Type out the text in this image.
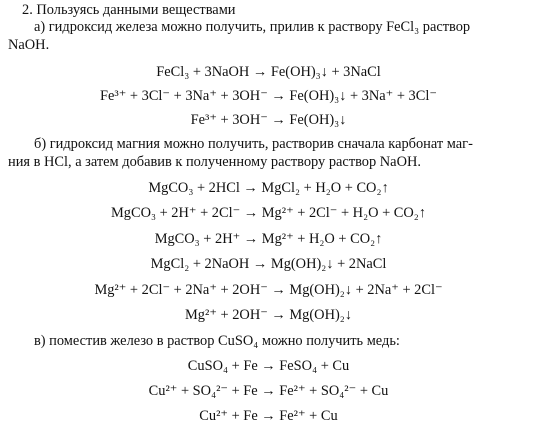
2. Пользуясь данными веществами
а) гидроксид железа можно получить, прилив к раствору FeCl₃ раствор
NaOH.
FeCl₃ + 3NaOH → Fe(OH)₃↓ + 3NaCl
Fe³⁺ + 3Cl⁻ + 3Na⁺ + 3OH⁻ → Fe(OH)₃↓ + 3Na⁺ + 3Cl⁻
Fe³⁺ + 3OH⁻ → Fe(OH)₃↓
б) гидроксид магния можно получить, растворив сначала карбонат маг-
ния в HCl, а затем добавив к полученному раствору раствор NaOH.
MgCO₃ + 2HCl → MgCl₂ + H₂O + CO₂↑
MgCO₃ + 2H⁺ + 2Cl⁻ → Mg²⁺ + 2Cl⁻ + H₂O + CO₂↑
MgCO₃ + 2H⁺ → Mg²⁺ + H₂O + CO₂↑
MgCl₂ + 2NaOH → Mg(OH)₂↓ + 2NaCl
Mg²⁺ + 2Cl⁻ + 2Na⁺ + 2OH⁻ → Mg(OH)₂↓ + 2Na⁺ + 2Cl⁻
Mg²⁺ + 2OH⁻ → Mg(OH)₂↓
в) поместив железо в раствор CuSO₄ можно получить медь:
CuSO₄ + Fe → FeSO₄ + Cu
Cu²⁺ + SO₄²⁻ + Fe → Fe²⁺ + SO₄²⁻ + Cu
Cu²⁺ + Fe → Fe²⁺ + Cu
